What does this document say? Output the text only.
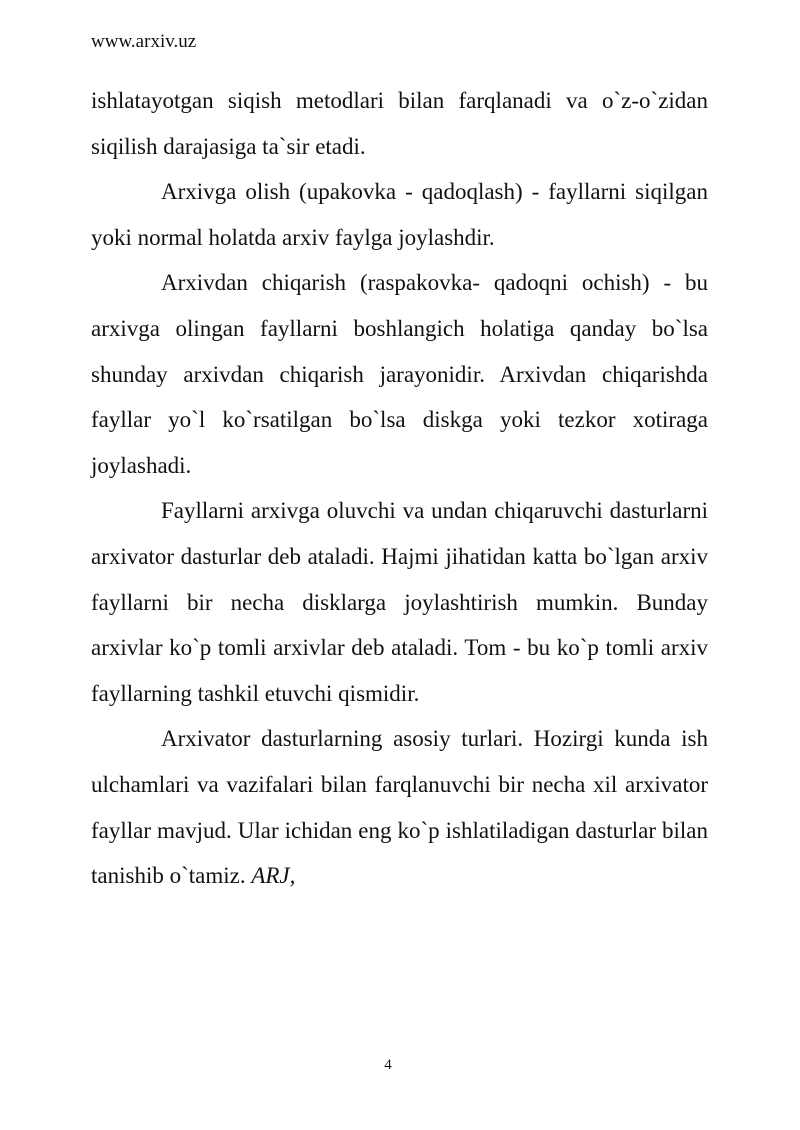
www.arxiv.uz

ishlatayotgan siqish metodlari bilan farqlanadi va o`z-o`zidan siqilish darajasiga ta`sir etadi.

Arxivga olish (upakovka - qadoqlash) - fayllarni siqilgan yoki normal holatda arxiv faylga joylashdir.

Arxivdan chiqarish (raspakovka- qadoqni ochish) - bu arxivga olingan fayllarni boshlangich holatiga qanday bo`lsa shunday arxivdan chiqarish jarayonidir. Arxivdan chiqarishda fayllar yo`l ko`rsatilgan bo`lsa diskga yoki tezkor xotiraga joylashadi.

Fayllarni arxivga oluvchi va undan chiqaruvchi dasturlarni arxivator dasturlar deb ataladi. Hajmi jihatidan katta bo`lgan arxiv fayllarni bir necha disklarga joylashtirish mumkin. Bunday arxivlar ko`p tomli arxivlar deb ataladi. Tom - bu ko`p tomli arxiv fayllarning tashkil etuvchi qismidir.

Arxivator dasturlarning asosiy turlari. Hozirgi kunda ish ulchamlari va vazifalari bilan farqlanuvchi bir necha xil arxivator fayllar mavjud. Ular ichidan eng ko`p ishlatiladigan dasturlar bilan tanishib o`tamiz. ARJ,

4
